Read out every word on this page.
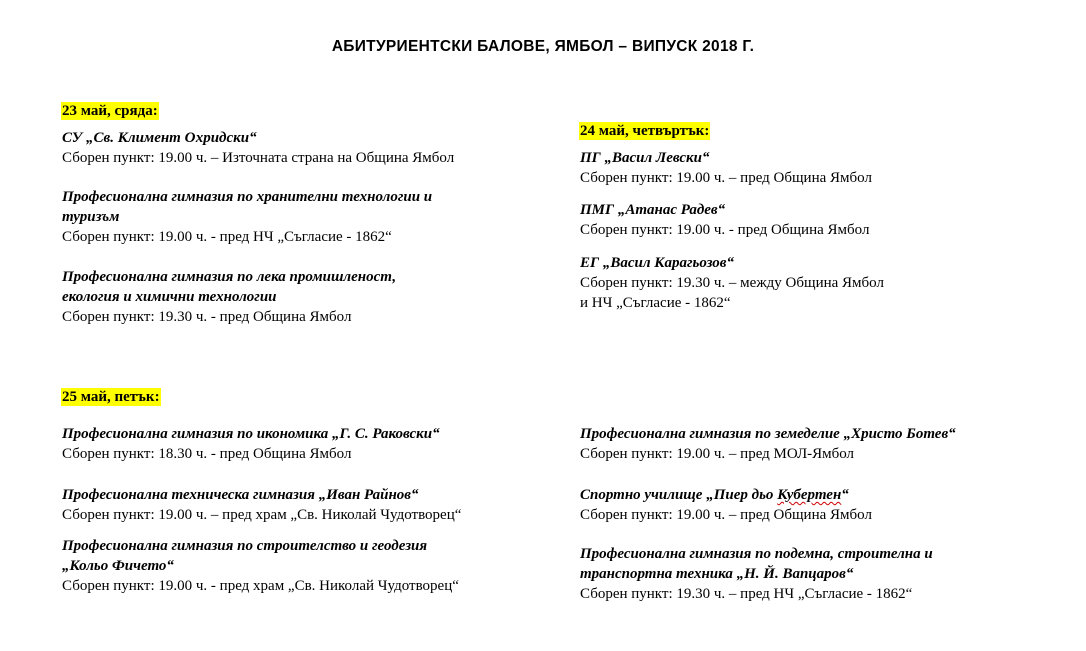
АБИТУРИЕНТСКИ БАЛОВЕ, ЯМБОЛ – ВИПУСК 2018 Г.
23 май, сряда:
СУ „Св. Климент Охридски“
Сборен пункт: 19.00 ч. – Източната страна на Община Ямбол
Професионална гимназия по хранителни технологии и
туризъм
Сборен пункт: 19.00 ч. - пред НЧ „Съгласие - 1862“
Професионална гимназия по лека промишленост,
екология и химични технологии
Сборен пункт: 19.30 ч. - пред Община Ямбол
24 май, четвъртък:
ПГ „Васил Левски“
Сборен пункт: 19.00 ч. – пред Община Ямбол
ПМГ „Атанас Радев“
Сборен пункт: 19.00 ч. - пред Община Ямбол
ЕГ „Васил Карагьозов“
Сборен пункт: 19.30 ч. – между Община Ямбол
и НЧ „Съгласие - 1862“
25 май, петък:
Професионална гимназия по икономика „Г. С. Раковски“
Сборен пункт: 18.30 ч. - пред Община Ямбол
Професионална техническа гимназия „Иван Райнов“
Сборен пункт: 19.00 ч. – пред храм „Св. Николай Чудотворец“
Професионална гимназия по строителство и геодезия
„Кольо Фичето“
Сборен пункт: 19.00 ч. - пред храм „Св. Николай Чудотворец“
Професионална гимназия по земеделие „Христо Ботев“
Сборен пункт: 19.00 ч. – пред МОЛ-Ямбол
Спортно училище „Пиер дьо Кубертен“
Сборен пункт: 19.00 ч. – пред Община Ямбол
Професионална гимназия по подемна, строителна и
транспортна техника „Н. Й. Вапцаров“
Сборен пункт: 19.30 ч. – пред НЧ „Съгласие - 1862“
